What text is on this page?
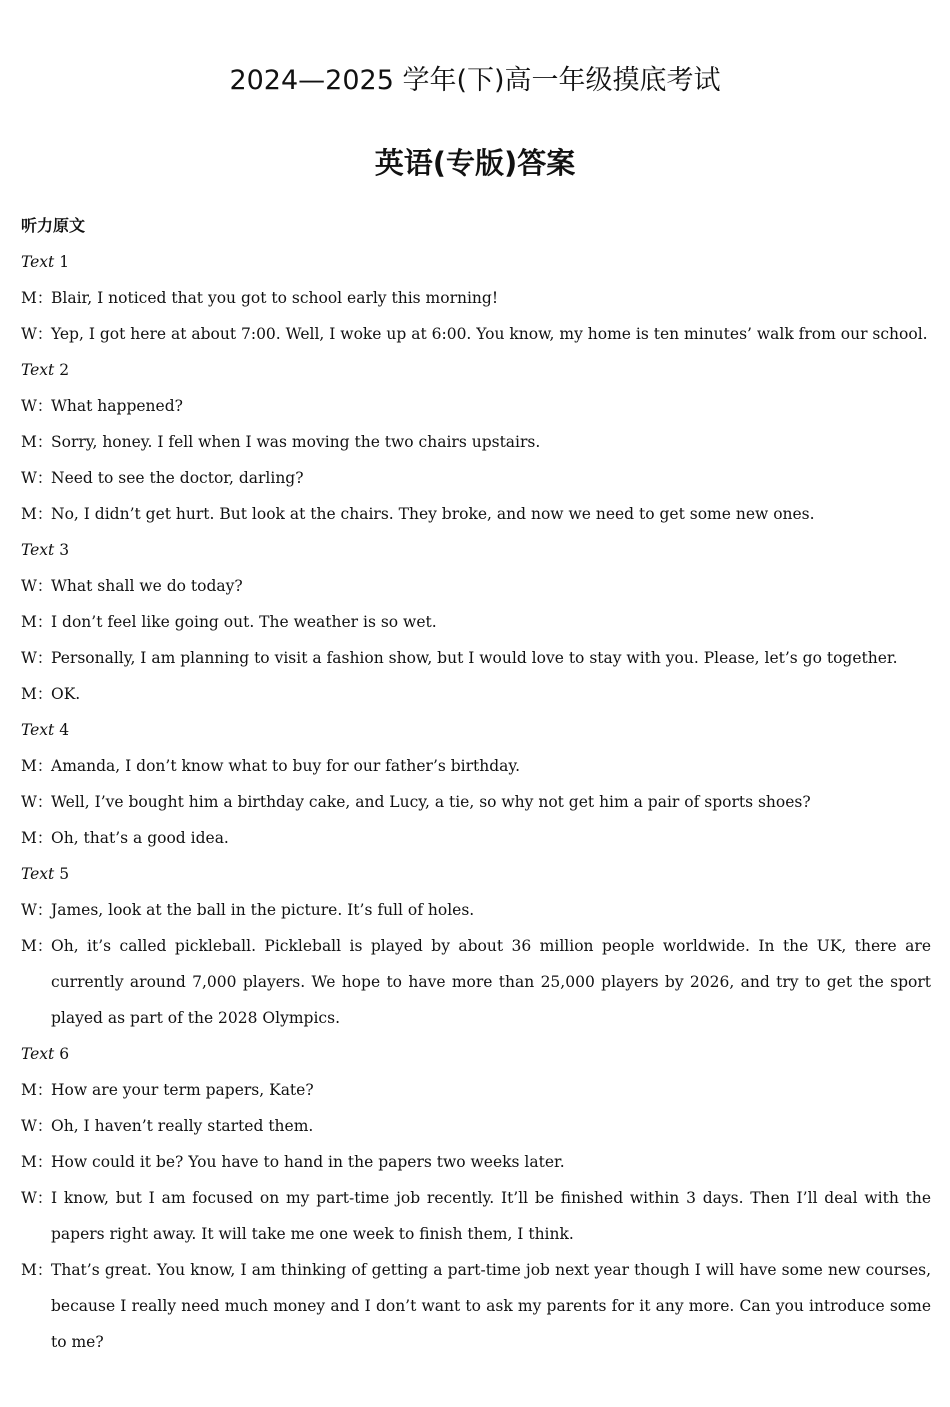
2024—2025 学年(下)高一年级摸底考试
英语(专版)答案
听力原文
Text 1
M：
Blair, I noticed that you got to school early this morning!
W：
Yep, I got here at about 7:00. Well, I woke up at 6:00. You know, my home is ten minutes’ walk from our school.
Text 2
W：
What happened?
M：
Sorry, honey. I fell when I was moving the two chairs upstairs.
W：
Need to see the doctor, darling?
M：
No, I didn’t get hurt. But look at the chairs. They broke, and now we need to get some new ones.
Text 3
W：
What shall we do today?
M：
I don’t feel like going out. The weather is so wet.
W：
Personally, I am planning to visit a fashion show, but I would love to stay with you. Please, let’s go together.
M：
OK.
Text 4
M：
Amanda, I don’t know what to buy for our father’s birthday.
W：
Well, I’ve bought him a birthday cake, and Lucy, a tie, so why not get him a pair of sports shoes?
M：
Oh, that’s a good idea.
Text 5
W：
James, look at the ball in the picture. It’s full of holes.
M：
Oh, it’s called pickleball. Pickleball is played by about 36 million people worldwide. In the UK, there are currently around 7,000 players. We hope to have more than 25,000 players by 2026, and try to get the sport played as part of the 2028 Olympics.
Text 6
M：
How are your term papers, Kate?
W：
Oh, I haven’t really started them.
M：
How could it be? You have to hand in the papers two weeks later.
W：
I know, but I am focused on my part-time job recently. It’ll be finished within 3 days. Then I’ll deal with the papers right away. It will take me one week to finish them, I think.
M：
That’s great. You know, I am thinking of getting a part-time job next year though I will have some new courses, because I really need much money and I don’t want to ask my parents for it any more. Can you introduce some to me?
